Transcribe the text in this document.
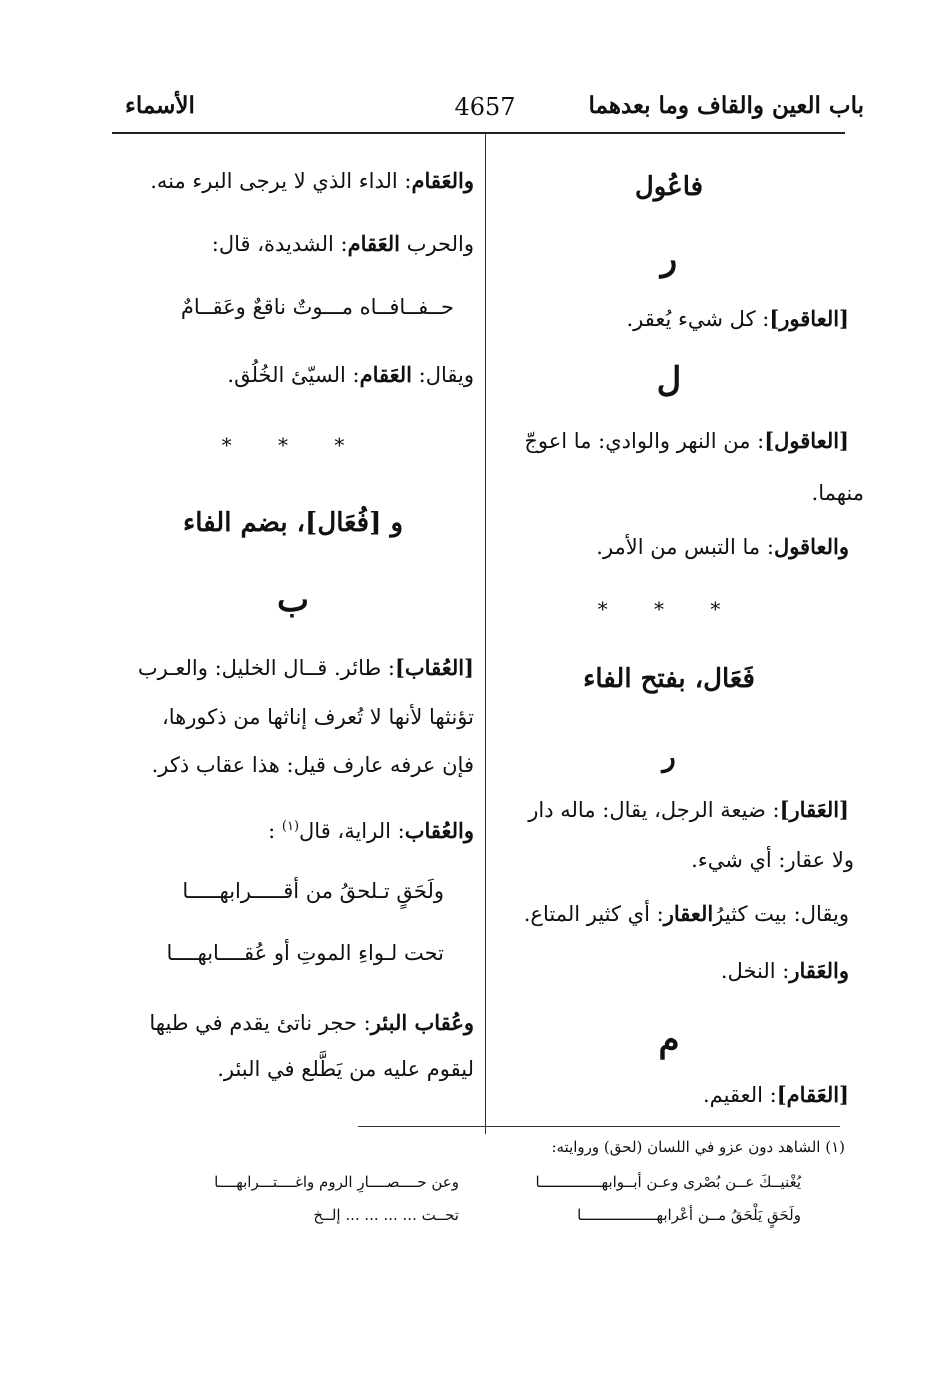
باب العين والقاف وما بعدهما
4657
الأسماء
فاعُول
ر
[العاقور]: كل شيء يُعقر.
ل
[العاقول]: من النهر والوادي: ما اعوجّ
منهما.
والعاقول: ما التبس من الأمر.
* * *
فَعَال، بفتح الفاء
ر
[العَقار]: ضيعة الرجل، يقال: ماله دار
ولا عقار: أي شيء.
ويقال: بيت كثيرُالعقار: أي كثير المتاع.
والعَقار: النخل.
م
[العَقام]: العقيم.
والعَقام: الداء الذي لا يرجى البرء منه.
والحرب العَقام: الشديدة، قال:
حــفــافــاه مـــوتٌ ناقعٌ وعَقــامٌ
ويقال: العَقام: السيّئ الخُلُق.
* * *
و [فُعَال]، بضم الفاء
ب
[العُقاب]: طائر. قــال الخليل: والعـرب
تؤنثها لأنها لا تُعرف إناثها من ذكورها،
فإن عرفه عارف قيل: هذا عقاب ذكر.
والعُقاب: الراية، قال$^{(١)}$ :
ولَحَقٍ تـلحقُ من أقـــــرابهـــــا
تحت لـواءِ الموتِ أو عُقــــابهــــا
وعُقاب البئر: حجر ناتئ يقدم في طيها
ليقوم عليه من يَطَّلع في البئر.
(١) الشاهد دون عزو في اللسان (لحق) وروايته:
يُغْنيــكَ عــن بُصْرى وعـن أبــوابهــــــــــــــا
وعن حــــصــــارِ الروم واغــــتـــرابهــــا
ولَحَقٍ يَلْحَقُ مــن أعْرابهـــــــــــــــــا
تحــت ... ... ... ... إلــخ
